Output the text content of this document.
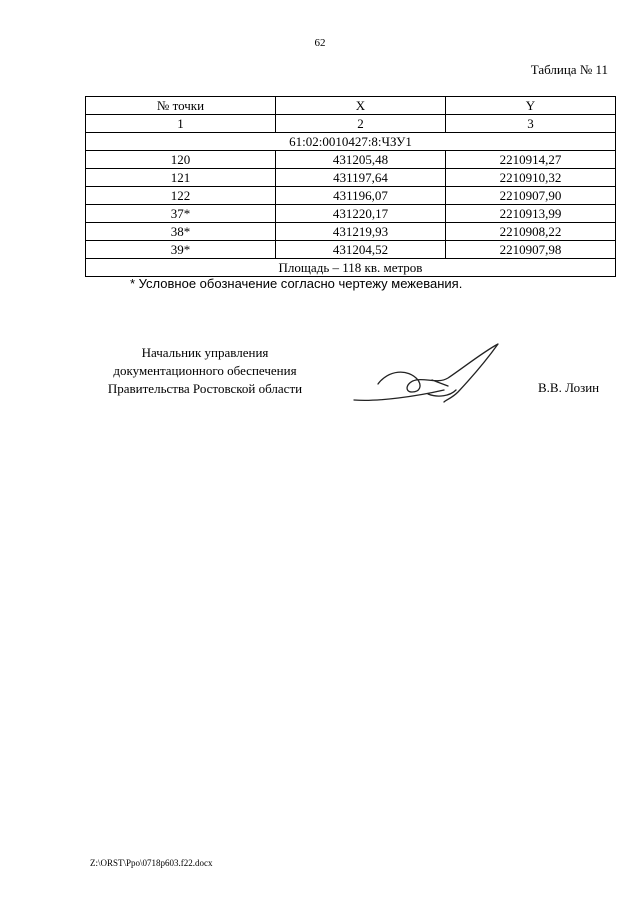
62
Таблица № 11
№ точки	X	Y
1	2	3
61:02:0010427:8:ЧЗУ1		
120	431205,48	2210914,27
121	431197,64	2210910,32
122	431196,07	2210907,90
37*	431220,17	2210913,99
38*	431219,93	2210908,22
39*	431204,52	2210907,98
Площадь – 118 кв. метров		
* Условное обозначение согласно чертежу межевания.
Начальник управления
документационного обеспечения
Правительства Ростовской области	В.В. Лозин
Z:\ORST\Ppo\0718p603.f22.docx
